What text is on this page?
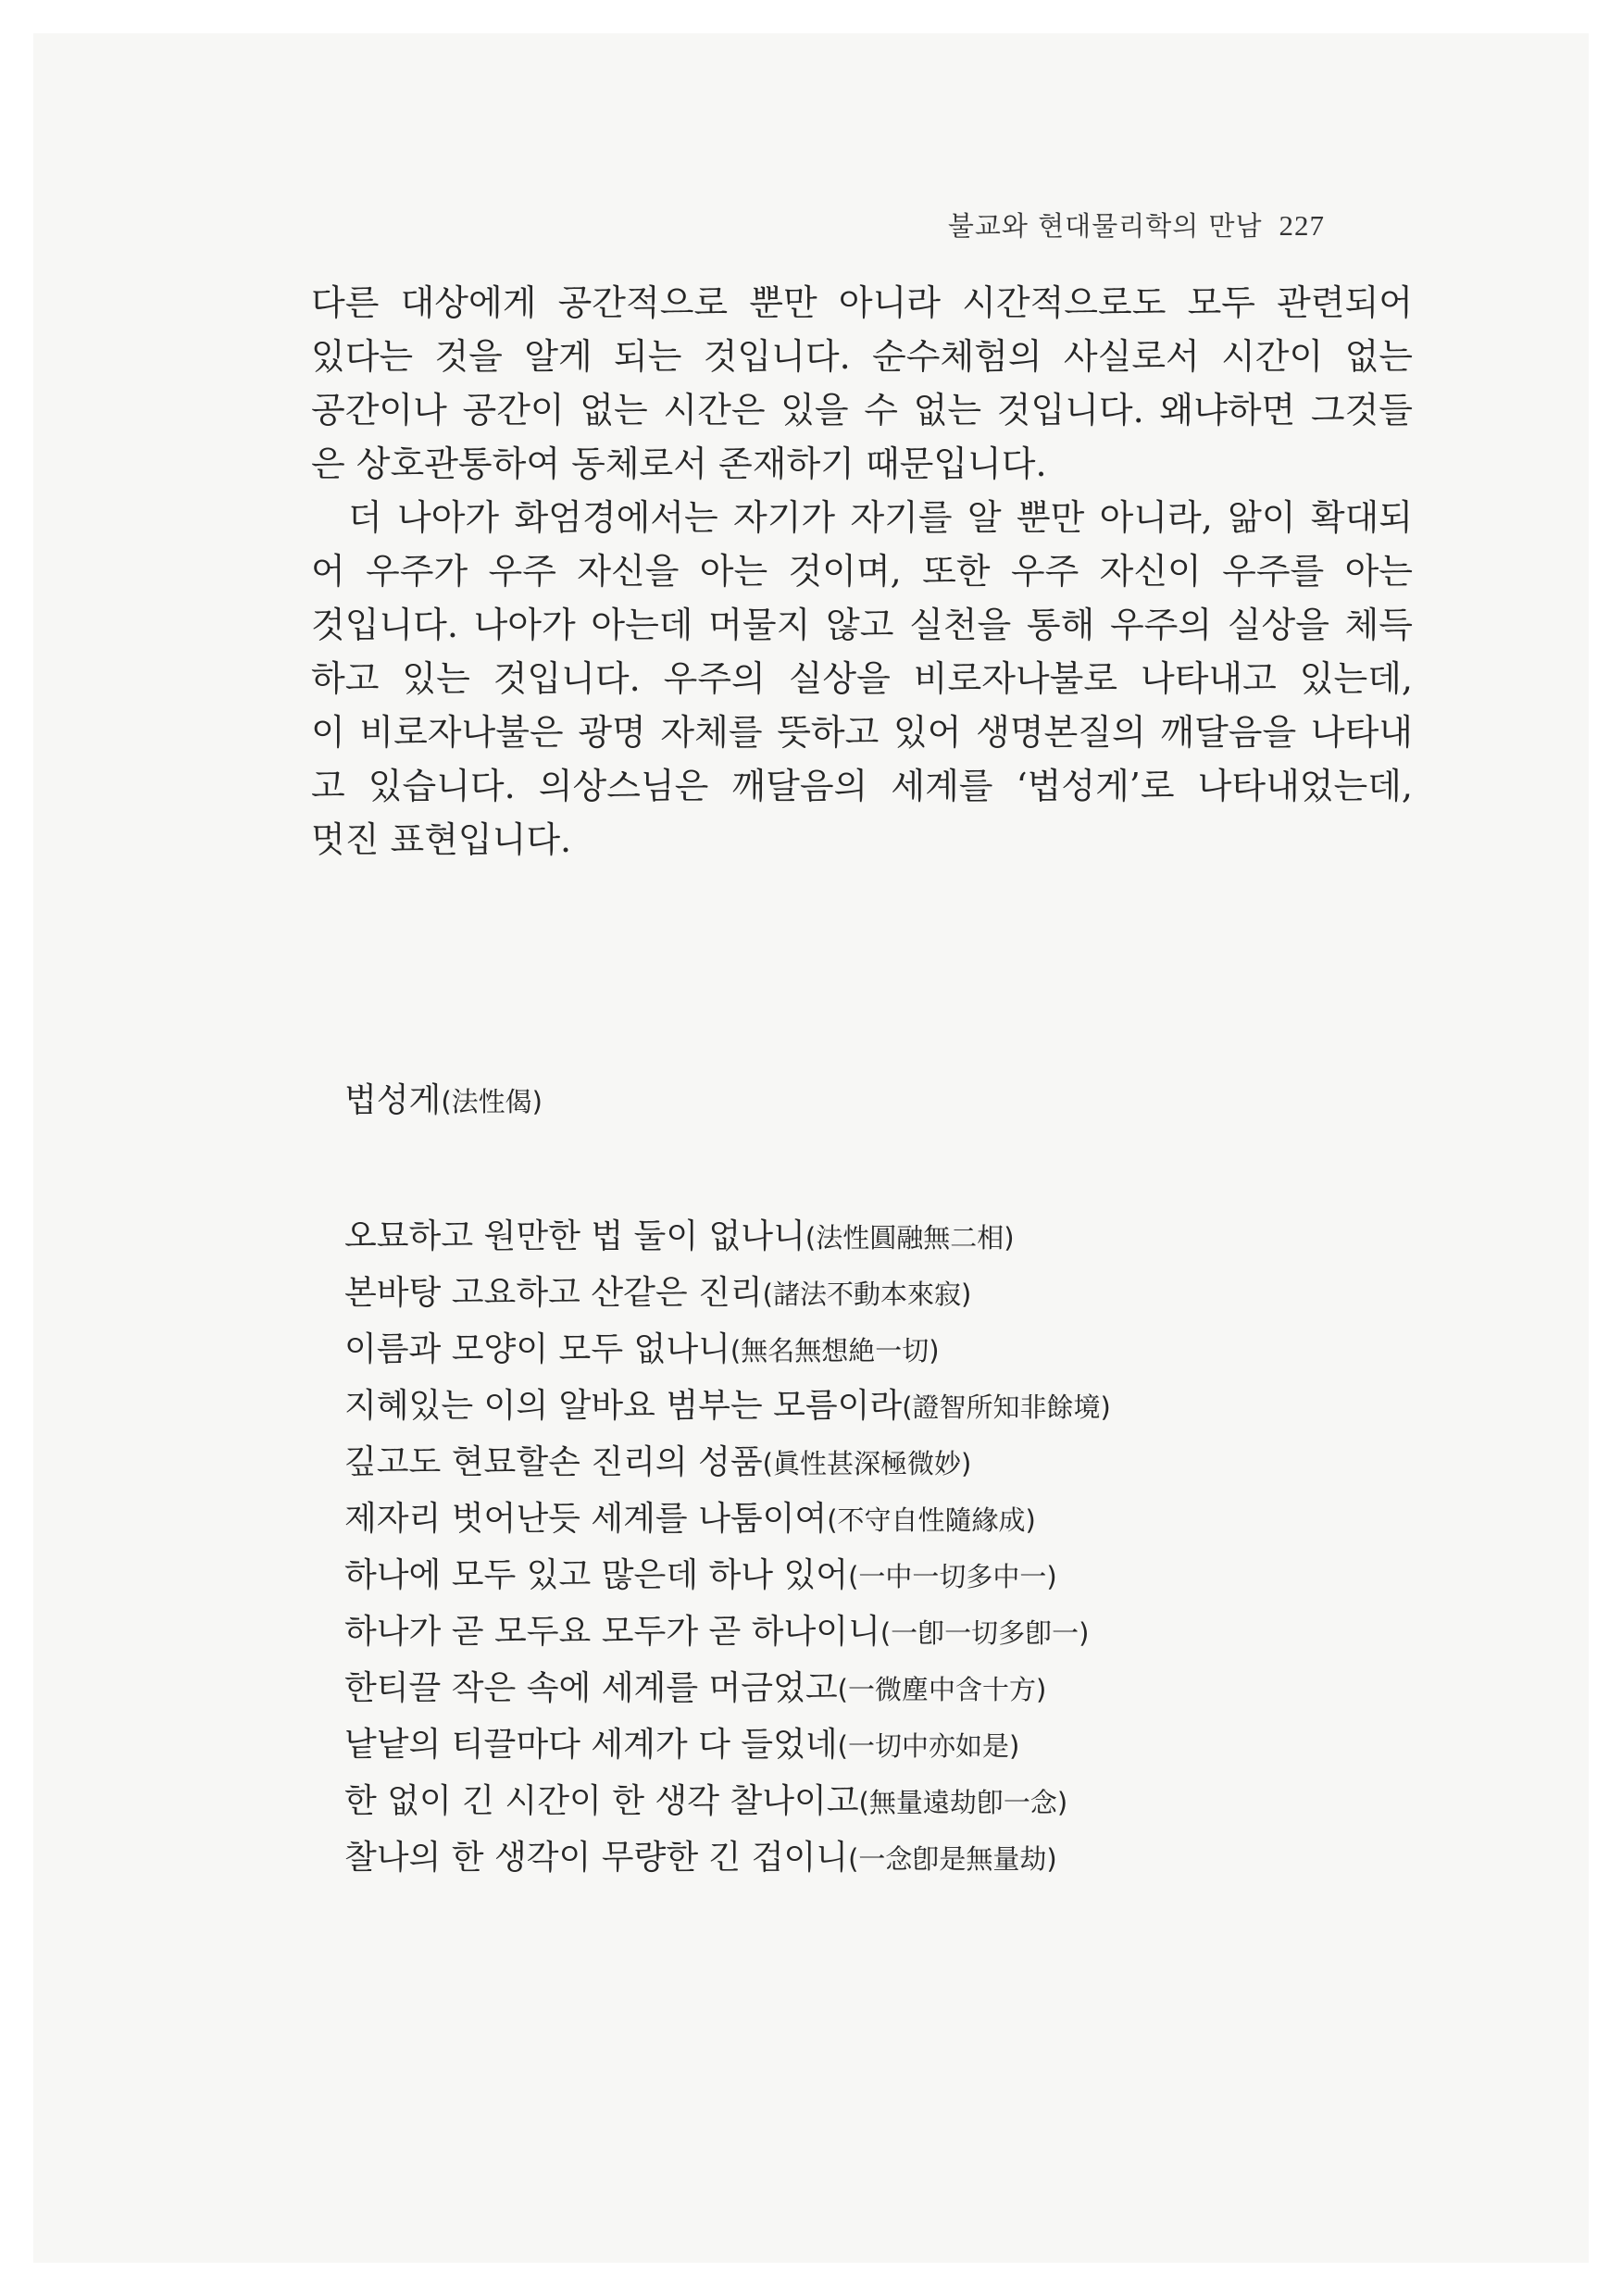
불교와 현대물리학의 만남 227

다른 대상에게 공간적으로 뿐만 아니라 시간적으로도 모두 관련되어
있다는 것을 알게 되는 것입니다. 순수체험의 사실로서 시간이 없는
공간이나 공간이 없는 시간은 있을 수 없는 것입니다. 왜냐하면 그것들
은 상호관통하여 동체로서 존재하기 때문입니다.

더 나아가 화엄경에서는 자기가 자기를 알 뿐만 아니라, 앎이 확대되
어 우주가 우주 자신을 아는 것이며, 또한 우주 자신이 우주를 아는
것입니다. 나아가 아는데 머물지 않고 실천을 통해 우주의 실상을 체득
하고 있는 것입니다. 우주의 실상을 비로자나불로 나타내고 있는데,
이 비로자나불은 광명 자체를 뜻하고 있어 생명본질의 깨달음을 나타내
고 있습니다. 의상스님은 깨달음의 세계를 ‘법성게’로 나타내었는데,
멋진 표현입니다.

법성게(法性偈)
오묘하고 원만한 법 둘이 없나니(法性圓融無二相)
본바탕 고요하고 산같은 진리(諸法不動本來寂)
이름과 모양이 모두 없나니(無名無想絶一切)
지혜있는 이의 알바요 범부는 모름이라(證智所知非餘境)
깊고도 현묘할손 진리의 성품(眞性甚深極微妙)
제자리 벗어난듯 세계를 나툼이여(不守自性隨緣成)
하나에 모두 있고 많은데 하나 있어(一中一切多中一)
하나가 곧 모두요 모두가 곧 하나이니(一卽一切多卽一)
한티끌 작은 속에 세계를 머금었고(一微塵中含十方)
낱낱의 티끌마다 세계가 다 들었네(一切中亦如是)
한 없이 긴 시간이 한 생각 찰나이고(無量遠劫卽一念)
찰나의 한 생각이 무량한 긴 겁이니(一念卽是無量劫)
